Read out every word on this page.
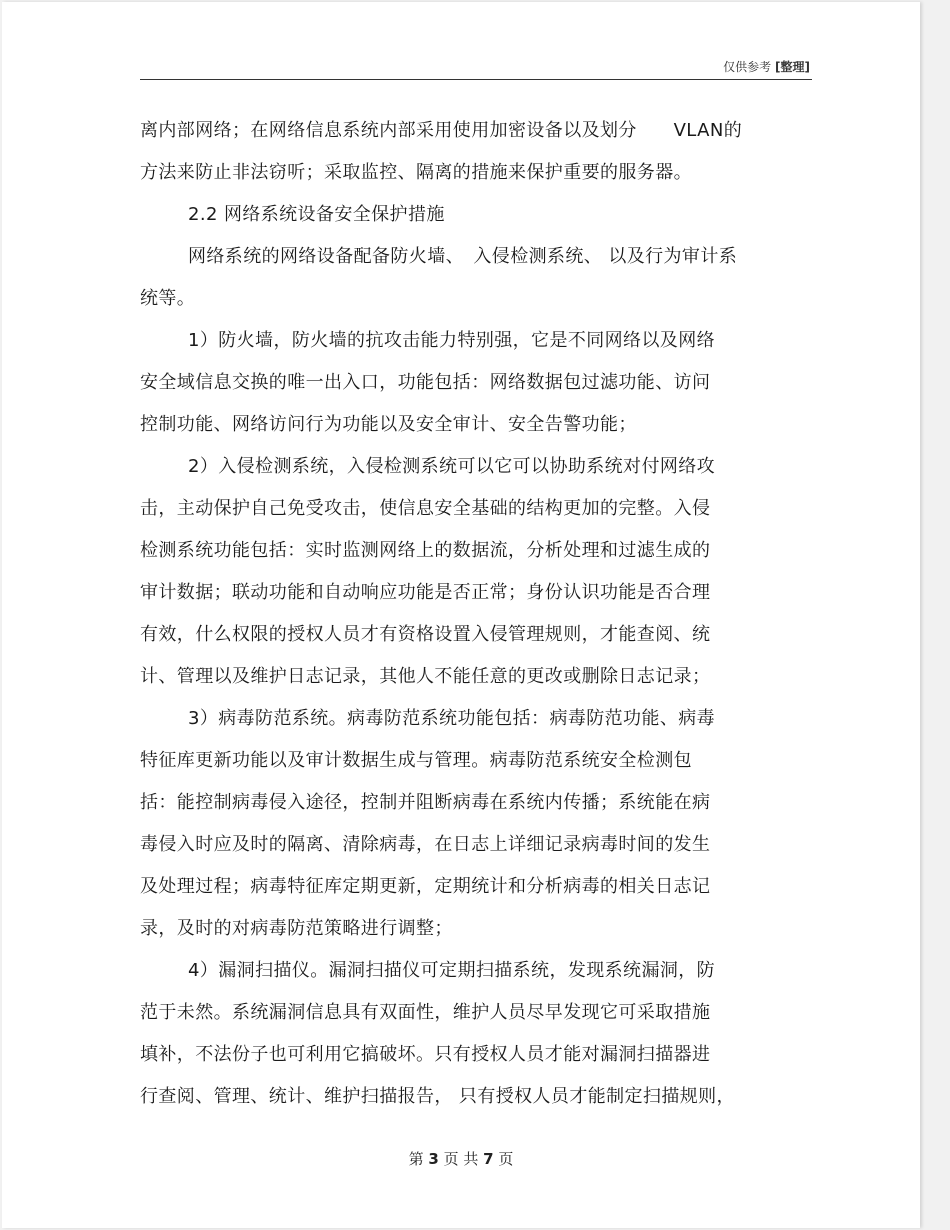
仅供参考 [整理]
离内部网络；在网络信息系统内部采用使用加密设备以及划分　　VLAN的
方法来防止非法窃听；采取监控、隔离的措施来保护重要的服务器。
2.2 网络系统设备安全保护措施
网络系统的网络设备配备防火墙、　入侵检测系统、 以及行为审计系
统等。
1）防火墙，防火墙的抗攻击能力特别强，它是不同网络以及网络
安全域信息交换的唯一出入口，功能包括：网络数据包过滤功能、访问
控制功能、网络访问行为功能以及安全审计、安全告警功能；
2）入侵检测系统，入侵检测系统可以它可以协助系统对付网络攻
击，主动保护自己免受攻击，使信息安全基础的结构更加的完整。入侵
检测系统功能包括：实时监测网络上的数据流，分析处理和过滤生成的
审计数据；联动功能和自动响应功能是否正常；身份认识功能是否合理
有效，什么权限的授权人员才有资格设置入侵管理规则，才能查阅、统
计、管理以及维护日志记录，其他人不能任意的更改或删除日志记录；
3）病毒防范系统。病毒防范系统功能包括：病毒防范功能、病毒
特征库更新功能以及审计数据生成与管理。病毒防范系统安全检测包
括：能控制病毒侵入途径，控制并阻断病毒在系统内传播；系统能在病
毒侵入时应及时的隔离、清除病毒，在日志上详细记录病毒时间的发生
及处理过程；病毒特征库定期更新，定期统计和分析病毒的相关日志记
录，及时的对病毒防范策略进行调整；
4）漏洞扫描仪。漏洞扫描仪可定期扫描系统，发现系统漏洞，防
范于未然。系统漏洞信息具有双面性，维护人员尽早发现它可采取措施
填补，不法份子也可利用它搞破坏。只有授权人员才能对漏洞扫描器进
行查阅、管理、统计、维护扫描报告， 只有授权人员才能制定扫描规则，
第 3 页 共 7 页
